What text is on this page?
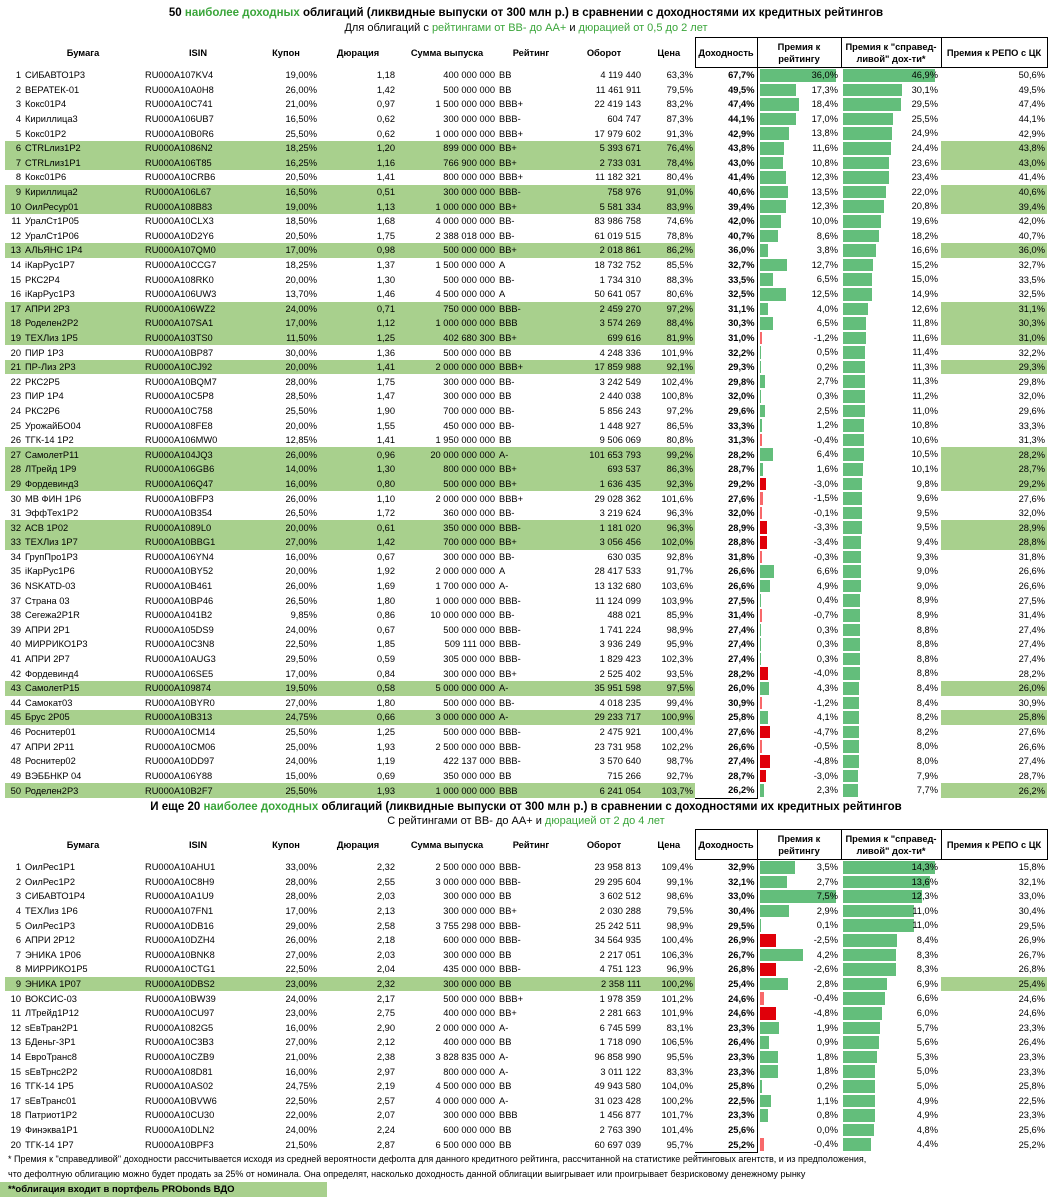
50 наиболее доходных облигаций (ликвидные выпуски от 300 млн р.) в сравнении с доходностями их кредитных рейтингов
Для облигаций с рейтингами от ВВ- до АА+ и дюрацией от 0,5 до 2 лет
	Бумага	ISIN	Купон	Дюрация	Сумма выпуска	Рейтинг	Оборот	Цена	Доходность	Премия к рейтингу	Премия к "справед-ливой" дох-ти*	Премия к РЕПО с ЦК
1	СИБАВТО1Р3	RU000A107KV4	19,00%	1,18	400 000 000	ВВ	4 119 440	63,3%	67,7%	36,0%	46,9%	50,6%
2	ВЕРАТЕК-01	RU000A10A0H8	26,00%	1,42	500 000 000	ВВ	11 461 911	79,5%	49,5%	17,3%	30,1%	49,5%
3	Кокс01Р4	RU000A10C741	21,00%	0,97	1 500 000 000	ВВВ+	22 419 143	83,2%	47,4%	18,4%	29,5%	47,4%
4	Кириллица3	RU000A106UB7	16,50%	0,62	300 000 000	ВВВ-	604 747	87,3%	44,1%	17,0%	25,5%	44,1%
5	Кокс01Р2	RU000A10B0R6	25,50%	0,62	1 000 000 000	ВВВ+	17 979 602	91,3%	42,9%	13,8%	24,9%	42,9%
6	CTRLлиз1Р2	RU000A1086N2	18,25%	1,20	899 000 000	ВВ+	5 393 671	76,4%	43,8%	11,6%	24,4%	43,8%
7	CTRLлиз1Р1	RU000A106T85	16,25%	1,16	766 900 000	ВВ+	2 733 031	78,4%	43,0%	10,8%	23,6%	43,0%
8	Кокс01Р6	RU000A10CRB6	20,50%	1,41	800 000 000	ВВВ+	11 182 321	80,4%	41,4%	12,3%	23,4%	41,4%
9	Кириллица2	RU000A106L67	16,50%	0,51	300 000 000	ВВВ-	758 976	91,0%	40,6%	13,5%	22,0%	40,6%
10	ОилРесур01	RU000A108B83	19,00%	1,13	1 000 000 000	ВВ+	5 581 334	83,9%	39,4%	12,3%	20,8%	39,4%
11	УралСт1Р05	RU000A10CLX3	18,50%	1,68	4 000 000 000	ВВ-	83 986 758	74,6%	42,0%	10,0%	19,6%	42,0%
12	УралСт1Р06	RU000A10D2Y6	20,50%	1,75	2 388 018 000	ВВ-	61 019 515	78,8%	40,7%	8,6%	18,2%	40,7%
13	АЛЬЯНС 1Р4	RU000A107QM0	17,00%	0,98	500 000 000	ВВ+	2 018 861	86,2%	36,0%	3,8%	16,6%	36,0%
14	iКарРус1Р7	RU000A10CCG7	18,25%	1,37	1 500 000 000	А	18 732 752	85,5%	32,7%	12,7%	15,2%	32,7%
15	РКС2Р4	RU000A108RK0	20,00%	1,30	500 000 000	ВВ-	1 734 310	88,3%	33,5%	6,5%	15,0%	33,5%
16	iКарРус1Р3	RU000A106UW3	13,70%	1,46	4 500 000 000	А	50 641 057	80,6%	32,5%	12,5%	14,9%	32,5%
17	АПРИ 2Р3	RU000A106WZ2	24,00%	0,71	750 000 000	ВВВ-	2 459 270	97,2%	31,1%	4,0%	12,6%	31,1%
18	Роделен2Р2	RU000A107SA1	17,00%	1,12	1 000 000 000	ВВВ	3 574 269	88,4%	30,3%	6,5%	11,8%	30,3%
19	ТЕХЛиз 1Р5	RU000A103TS0	11,50%	1,25	402 680 300	ВВ+	699 616	81,9%	31,0%	-1,2%	11,6%	31,0%
20	ПИР 1Р3	RU000A10BP87	30,00%	1,36	500 000 000	ВВ	4 248 336	101,9%	32,2%	0,5%	11,4%	32,2%
21	ПР-Лиз 2Р3	RU000A10CJ92	20,00%	1,41	2 000 000 000	ВВВ+	17 859 988	92,1%	29,3%	0,2%	11,3%	29,3%
22	РКС2Р5	RU000A10BQM7	28,00%	1,75	300 000 000	ВВ-	3 242 549	102,4%	29,8%	2,7%	11,3%	29,8%
23	ПИР 1Р4	RU000A10C5P8	28,50%	1,47	300 000 000	ВВ	2 440 038	100,8%	32,0%	0,3%	11,2%	32,0%
24	РКС2Р6	RU000A10C758	25,50%	1,90	700 000 000	ВВ-	5 856 243	97,2%	29,6%	2,5%	11,0%	29,6%
25	УрожайБО04	RU000A108FE8	20,00%	1,55	450 000 000	ВВ-	1 448 927	86,5%	33,3%	1,2%	10,8%	33,3%
26	ТГК-14 1Р2	RU000A106MW0	12,85%	1,41	1 950 000 000	ВВ	9 506 069	80,8%	31,3%	-0,4%	10,6%	31,3%
27	СамолетР11	RU000A104JQ3	26,00%	0,96	20 000 000 000	А-	101 653 793	99,2%	28,2%	6,4%	10,5%	28,2%
28	ЛТрейд 1Р9	RU000A106GB6	14,00%	1,30	800 000 000	ВВ+	693 537	86,3%	28,7%	1,6%	10,1%	28,7%
29	Фордевинд3	RU000A106Q47	16,00%	0,80	500 000 000	ВВ+	1 636 435	92,3%	29,2%	-3,0%	9,8%	29,2%
30	МВ ФИН 1Р6	RU000A10BFP3	26,00%	1,10	2 000 000 000	ВВВ+	29 028 362	101,6%	27,6%	-1,5%	9,6%	27,6%
31	ЭффТех1Р2	RU000A10B354	26,50%	1,72	360 000 000	ВВ-	3 219 624	96,3%	32,0%	-0,1%	9,5%	32,0%
32	АСВ 1Р02	RU000A1089L0	20,00%	0,61	350 000 000	ВВВ-	1 181 020	96,3%	28,9%	-3,3%	9,5%	28,9%
33	ТЕХЛиз 1Р7	RU000A10BBG1	27,00%	1,42	700 000 000	ВВ+	3 056 456	102,0%	28,8%	-3,4%	9,4%	28,8%
34	ГрупПро1Р3	RU000A106YN4	16,00%	0,67	300 000 000	ВВ-	630 035	92,8%	31,8%	-0,3%	9,3%	31,8%
35	iКарРус1Р6	RU000A10BY52	20,00%	1,92	2 000 000 000	А	28 417 533	91,7%	26,6%	6,6%	9,0%	26,6%
36	NSKATD-03	RU000A10B461	26,00%	1,69	1 700 000 000	А-	13 132 680	103,6%	26,6%	4,9%	9,0%	26,6%
37	Страна 03	RU000A10BP46	26,50%	1,80	1 000 000 000	ВВВ-	11 124 099	103,9%	27,5%	0,4%	8,9%	27,5%
38	Сегежа2Р1R	RU000A1041B2	9,85%	0,86	10 000 000 000	ВВ-	488 021	85,9%	31,4%	-0,7%	8,9%	31,4%
39	АПРИ 2Р1	RU000A105DS9	24,00%	0,67	500 000 000	ВВВ-	1 741 224	98,9%	27,4%	0,3%	8,8%	27,4%
40	МИРРИКО1Р3	RU000A10C3N8	22,50%	1,85	509 111 000	ВВВ-	3 936 249	95,9%	27,4%	0,3%	8,8%	27,4%
41	АПРИ 2Р7	RU000A10AUG3	29,50%	0,59	305 000 000	ВВВ-	1 829 423	102,3%	27,4%	0,3%	8,8%	27,4%
42	Фордевинд4	RU000A106SE5	17,00%	0,84	300 000 000	ВВ+	2 525 402	93,5%	28,2%	-4,0%	8,8%	28,2%
43	СамолетР15	RU000A109874	19,50%	0,58	5 000 000 000	А-	35 951 598	97,5%	26,0%	4,3%	8,4%	26,0%
44	Самокат03	RU000A10BYR0	27,00%	1,80	500 000 000	ВВ-	4 018 235	99,4%	30,9%	-1,2%	8,4%	30,9%
45	Брус 2Р05	RU000A10B313	24,75%	0,66	3 000 000 000	А-	29 233 717	100,9%	25,8%	4,1%	8,2%	25,8%
46	Роснитер01	RU000A10CM14	25,50%	1,25	500 000 000	ВВВ-	2 475 921	100,4%	27,6%	-4,7%	8,2%	27,6%
47	АПРИ 2Р11	RU000A10CM06	25,00%	1,93	2 500 000 000	ВВВ-	23 731 958	102,2%	26,6%	-0,5%	8,0%	26,6%
48	Роснитер02	RU000A10DD97	24,00%	1,19	422 137 000	ВВВ-	3 570 640	98,7%	27,4%	-4,8%	8,0%	27,4%
49	ВЭББНКР 04	RU000A106Y88	15,00%	0,69	350 000 000	ВВ	715 266	92,7%	28,7%	-3,0%	7,9%	28,7%
50	Роделен2Р3	RU000A10B2F7	25,50%	1,93	1 000 000 000	ВВВ	6 241 054	103,7%	26,2%	2,3%	7,7%	26,2%
И еще 20 наиболее доходных облигаций (ликвидные выпуски от 300 млн р.) в сравнении с доходностями их кредитных рейтингов
С рейтингами от ВВ- до АА+ и дюрацией от 2 до 4 лет
	Бумага	ISIN	Купон	Дюрация	Сумма выпуска	Рейтинг	Оборот	Цена	Доходность	Премия к рейтингу	Премия к "справед-ливой" дох-ти*	Премия к РЕПО с ЦК
1	ОилРес1Р1	RU000A10AHU1	33,00%	2,32	2 500 000 000	ВВВ-	23 958 813	109,4%	32,9%	3,5%	14,3%	15,8%
2	ОилРес1Р2	RU000A10C8H9	28,00%	2,55	3 000 000 000	ВВВ-	29 295 604	99,1%	32,1%	2,7%	13,6%	32,1%
3	СИБАВТО1Р4	RU000A10A1U9	28,00%	2,03	300 000 000	ВВ	3 602 512	98,6%	33,0%	7,5%	12,3%	33,0%
4	ТЕХЛиз 1Р6	RU000A107FN1	17,00%	2,13	300 000 000	ВВ+	2 030 288	79,5%	30,4%	2,9%	11,0%	30,4%
5	ОилРес1Р3	RU000A10DB16	29,00%	2,58	3 755 298 000	ВВВ-	25 242 511	98,9%	29,5%	0,1%	11,0%	29,5%
6	АПРИ 2Р12	RU000A10DZH4	26,00%	2,18	600 000 000	ВВВ-	34 564 935	100,4%	26,9%	-2,5%	8,4%	26,9%
7	ЭНИКА 1Р06	RU000A10BNK8	27,00%	2,03	300 000 000	ВВ	2 217 051	106,3%	26,7%	4,2%	8,3%	26,7%
8	МИРРИКО1Р5	RU000A10CTG1	22,50%	2,04	435 000 000	ВВВ-	4 751 123	96,9%	26,8%	-2,6%	8,3%	26,8%
9	ЭНИКА 1Р07	RU000A10DBS2	23,00%	2,32	300 000 000	ВВ	2 358 111	100,2%	25,4%	2,8%	6,9%	25,4%
10	ВОКСИС-03	RU000A10BW39	24,00%	2,17	500 000 000	ВВВ+	1 978 359	101,2%	24,6%	-0,4%	6,6%	24,6%
11	ЛТрейд1Р12	RU000A10CU97	23,00%	2,75	400 000 000	ВВ+	2 281 663	101,9%	24,6%	-4,8%	6,0%	24,6%
12	sЕвТран2Р1	RU000A1082G5	16,00%	2,90	2 000 000 000	А-	6 745 599	83,1%	23,3%	1,9%	5,7%	23,3%
13	БДеньг-3Р1	RU000A10C3B3	27,00%	2,12	400 000 000	ВВ	1 718 090	106,5%	26,4%	0,9%	5,6%	26,4%
14	ЕвроТранс8	RU000A10CZB9	21,00%	2,38	3 828 835 000	А-	96 858 990	95,5%	23,3%	1,8%	5,3%	23,3%
15	sЕвТрнс2Р2	RU000A108D81	16,00%	2,97	800 000 000	А-	3 011 122	83,3%	23,3%	1,8%	5,0%	23,3%
16	ТГК-14 1Р5	RU000A10AS02	24,75%	2,19	4 500 000 000	ВВ	49 943 580	104,0%	25,8%	0,2%	5,0%	25,8%
17	sЕвТранс01	RU000A10BVW6	22,50%	2,57	4 000 000 000	А-	31 023 428	100,2%	22,5%	1,1%	4,9%	22,5%
18	Патриот1Р2	RU000A10CU30	22,00%	2,07	300 000 000	ВВВ	1 456 877	101,7%	23,3%	0,8%	4,9%	23,3%
19	Финэква1Р1	RU000A10DLN2	24,00%	2,24	600 000 000	ВВ	2 763 390	101,4%	25,6%	0,0%	4,8%	25,6%
20	ТГК-14 1Р7	RU000A10BPF3	21,50%	2,87	6 500 000 000	ВВ	60 697 039	95,7%	25,2%	-0,4%	4,4%	25,2%
* Премия к "справедливой" доходности рассчитывается исходя из средней вероятности дефолта для данного кредитного рейтинга, рассчитанной на статистике рейтинговых агентств, и из предположения,
что дефолтную облигацию можно будет продать за 25% от номинала. Она определят, насколько доходность данной облигации выигрывает или проигрывает безрисковому денежному рынку
**облигация входит в портфель PRObonds ВДО
